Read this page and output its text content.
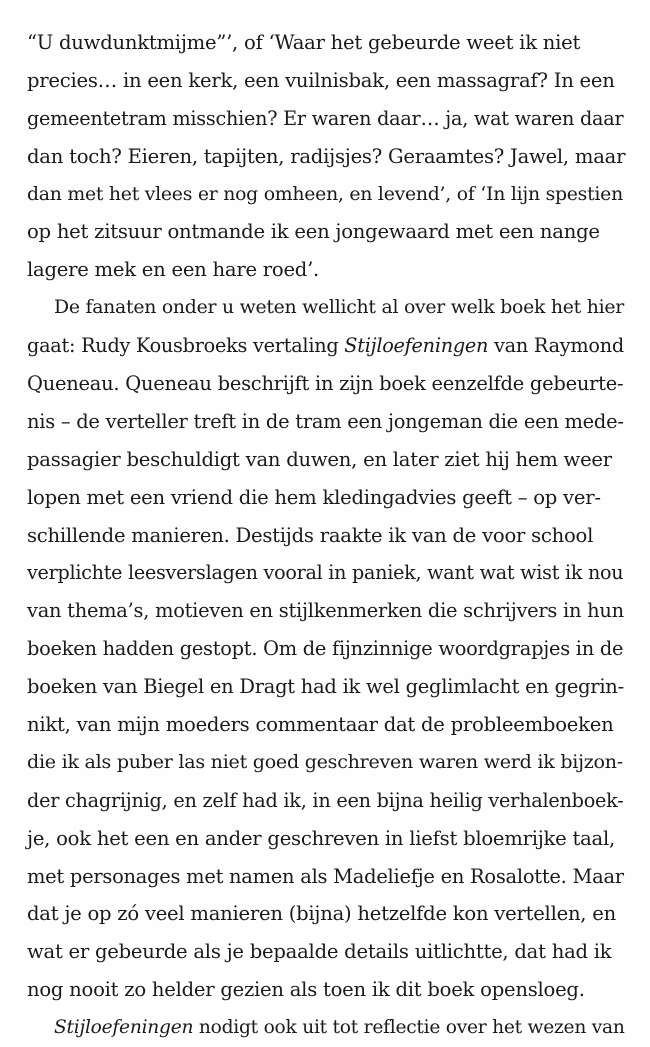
“U duwdunktmijme”’, of ‘Waar het gebeurde weet ik niet
precies… in een kerk, een vuilnisbak, een massagraf? In een
gemeentetram misschien? Er waren daar… ja, wat waren daar
dan toch? Eieren, tapijten, radijsjes? Geraamtes? Jawel, maar
dan met het vlees er nog omheen, en levend’, of ‘In lijn spestien
op het zitsuur ontmande ik een jongewaard met een nange
lagere mek en een hare roed’.
De fanaten onder u weten wellicht al over welk boek het hier
gaat: Rudy Kousbroeks vertaling Stijloefeningen van Raymond
Queneau. Queneau beschrijft in zijn boek eenzelfde gebeurte-
nis – de verteller treft in de tram een jongeman die een mede-
passagier beschuldigt van duwen, en later ziet hij hem weer
lopen met een vriend die hem kledingadvies geeft – op ver-
schillende manieren. Destijds raakte ik van de voor school
verplichte leesverslagen vooral in paniek, want wat wist ik nou
van thema’s, motieven en stijlkenmerken die schrijvers in hun
boeken hadden gestopt. Om de fijnzinnige woordgrapjes in de
boeken van Biegel en Dragt had ik wel geglimlacht en gegrin-
nikt, van mijn moeders commentaar dat de probleemboeken
die ik als puber las niet goed geschreven waren werd ik bijzon-
der chagrijnig, en zelf had ik, in een bijna heilig verhalenboek-
je, ook het een en ander geschreven in liefst bloemrijke taal,
met personages met namen als Madeliefje en Rosalotte. Maar
dat je op zó veel manieren (bijna) hetzelfde kon vertellen, en
wat er gebeurde als je bepaalde details uitlichtte, dat had ik
nog nooit zo helder gezien als toen ik dit boek opensloeg.
Stijloefeningen nodigt ook uit tot reflectie over het wezen van
